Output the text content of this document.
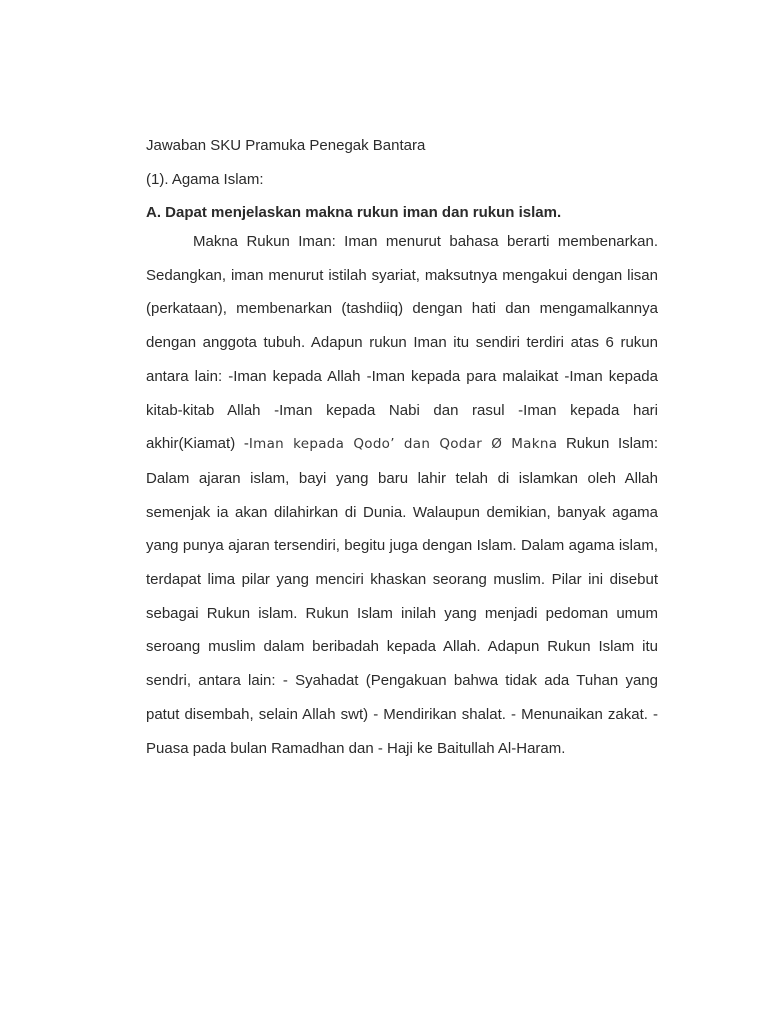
Jawaban SKU Pramuka Penegak Bantara
(1). Agama Islam:
A. Dapat menjelaskan makna rukun iman dan rukun islam.

Makna Rukun Iman: Iman menurut bahasa berarti membenarkan. Sedangkan, iman menurut istilah syariat, maksutnya mengakui dengan lisan (perkataan), membenarkan (tashdiiq) dengan hati dan mengamalkannya dengan anggota tubuh. Adapun rukun Iman itu sendiri terdiri atas 6 rukun antara lain: -Iman kepada Allah -Iman kepada para malaikat -Iman kepada kitab-kitab Allah -Iman kepada Nabi dan rasul -Iman kepada hari akhir(Kiamat) -Iman kepada Qodo’ dan Qodar Ø Makna Rukun Islam: Dalam ajaran islam, bayi yang baru lahir telah di islamkan oleh Allah semenjak ia akan dilahirkan di Dunia. Walaupun demikian, banyak agama yang punya ajaran tersendiri, begitu juga dengan Islam. Dalam agama islam, terdapat lima pilar yang menciri khaskan seorang muslim. Pilar ini disebut sebagai Rukun islam. Rukun Islam inilah yang menjadi pedoman umum seroang muslim dalam beribadah kepada Allah. Adapun Rukun Islam itu sendri, antara lain: - Syahadat (Pengakuan bahwa tidak ada Tuhan yang patut disembah, selain Allah swt) - Mendirikan shalat. - Menunaikan zakat. - Puasa pada bulan Ramadhan dan - Haji ke Baitullah Al-Haram.
